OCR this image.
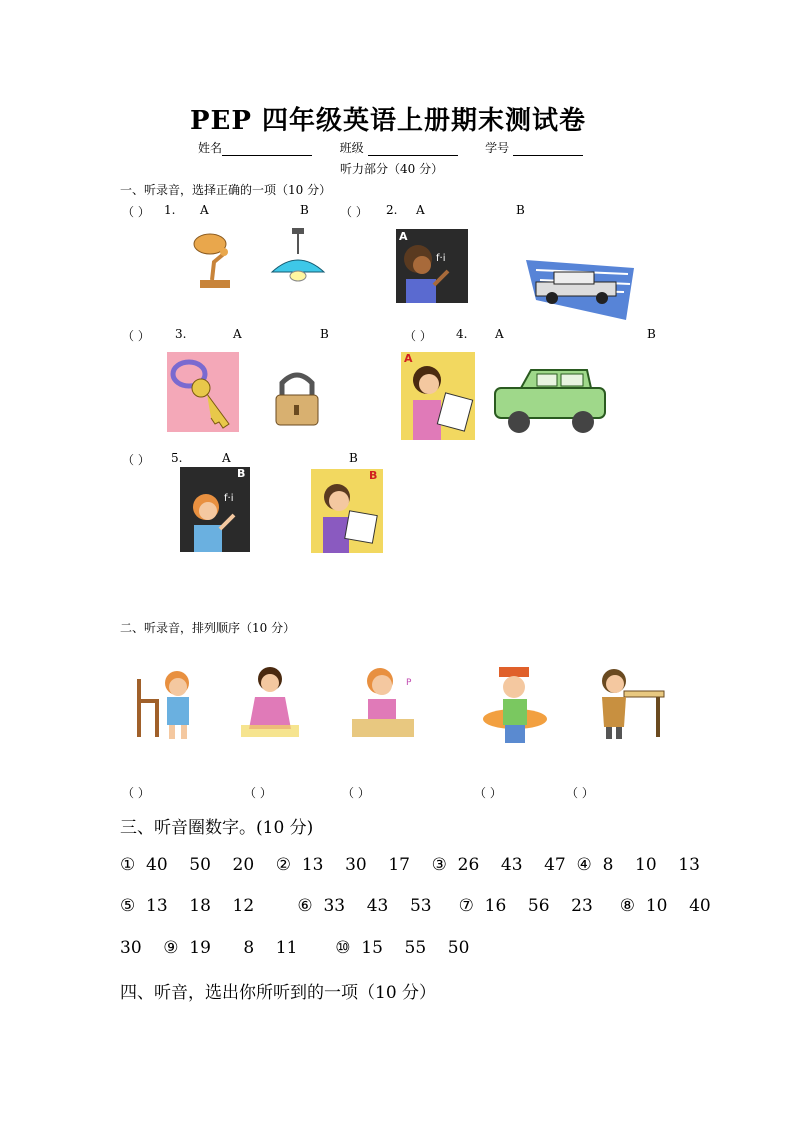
PEP 四年级英语上册期末测试卷
姓名	班级	学号
听力部分（40 分）
一、听录音，选择正确的一项（10 分）
（ ） 1. A	B	（ ） 2. A	B
A
f·i
（ ） 3.	A	B	（ ） 4. A	B
A
（ ） 5.	A	B
B
f·i
B
二、听录音，排列顺序（10 分）
P
（ ）	（ ）	（ ）	（ ）	（ ）
三、听音圈数字。(10 分)
①  40    50    20    ②  13    30    17    ③  26    43    47  ④  8    10    13
⑤  13    18    12        ⑥  33    43    53     ⑦  16    56    23     ⑧  10    40
30    ⑨  19      8    11       ⑩  15    55    50
四、听音，选出你所听到的一项（10 分）
